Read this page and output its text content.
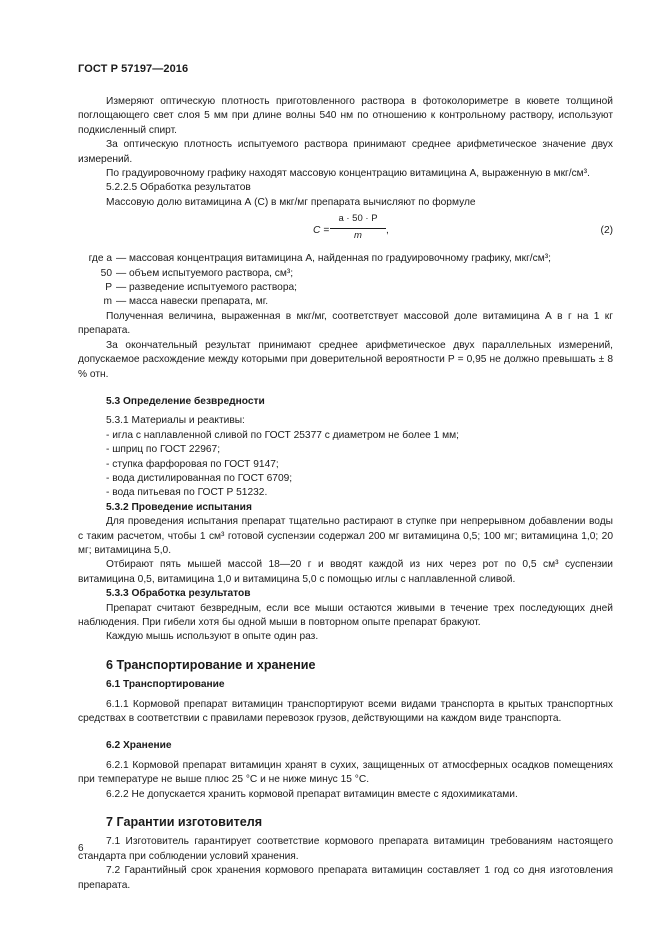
ГОСТ Р 57197—2016

Измеряют оптическую плотность приготовленного раствора в фотоколориметре в кювете толщиной поглощающего свет слоя 5 мм при длине волны 540 нм по отношению к контрольному раствору, используют подкисленный спирт.

За оптическую плотность испытуемого раствора принимают среднее арифметическое значение двух измерений.

По градуировочному графику находят массовую концентрацию витамицина А, выраженную в мкг/см³.

5.2.2.5 Обработка результатов

Массовую долю витамицина А (C) в мкг/мг препарата вычисляют по формуле

$C = \frac{a \cdot 50 \cdot P}{m}$ ,	(2)
где a — массовая концентрация витамицина А, найденная по градуировочному графику, мкг/см³;
50 — объем испытуемого раствора, см³;
P — разведение испытуемого раствора;
m — масса навески препарата, мг.

Полученная величина, выраженная в мкг/мг, соответствует массовой доле витамицина А в г на 1 кг препарата.

За окончательный результат принимают среднее арифметическое двух параллельных измерений, допускаемое расхождение между которыми при доверительной вероятности P = 0,95 не должно превышать ± 8 % отн.

5.3 Определение безвредности

5.3.1 Материалы и реактивы:

- игла с наплавленной сливой по ГОСТ 25377 с диаметром не более 1 мм;

- шприц по ГОСТ 22967;

- ступка фарфоровая по ГОСТ 9147;

- вода дистилированная по ГОСТ 6709;

- вода питьевая по ГОСТ Р 51232.

5.3.2 Проведение испытания

Для проведения испытания препарат тщательно растирают в ступке при непрерывном добавлении воды с таким расчетом, чтобы 1 см³ готовой суспензии содержал 200 мг витамицина 0,5; 100 мг; витамицина 1,0; 20 мг; витамицина 5,0.

Отбирают пять мышей массой 18—20 г и вводят каждой из них через рот по 0,5 см³ суспензии витамицина 0,5, витамицина 1,0 и витамицина 5,0 с помощью иглы с наплавленной сливой.

5.3.3 Обработка результатов

Препарат считают безвредным, если все мыши остаются живыми в течение трех последующих дней наблюдения. При гибели хотя бы одной мыши в повторном опыте препарат бракуют.

Каждую мышь используют в опыте один раз.

6 Транспортирование и хранение
6.1 Транспортирование

6.1.1 Кормовой препарат витамицин транспортируют всеми видами транспорта в крытых транспортных средствах в соответствии с правилами перевозок грузов, действующими на каждом виде транспорта.

6.2 Хранение

6.2.1 Кормовой препарат витамицин хранят в сухих, защищенных от атмосферных осадков помещениях при температуре не выше плюс 25 °С и не ниже минус 15 °С.

6.2.2 Не допускается хранить кормовой препарат витамицин вместе с ядохимикатами.

7 Гарантии изготовителя

7.1 Изготовитель гарантирует соответствие кормового препарата витамицин требованиям настоящего стандарта при соблюдении условий хранения.

7.2 Гарантийный срок хранения кормового препарата витамицин составляет 1 год со дня изготовления препарата.

6
